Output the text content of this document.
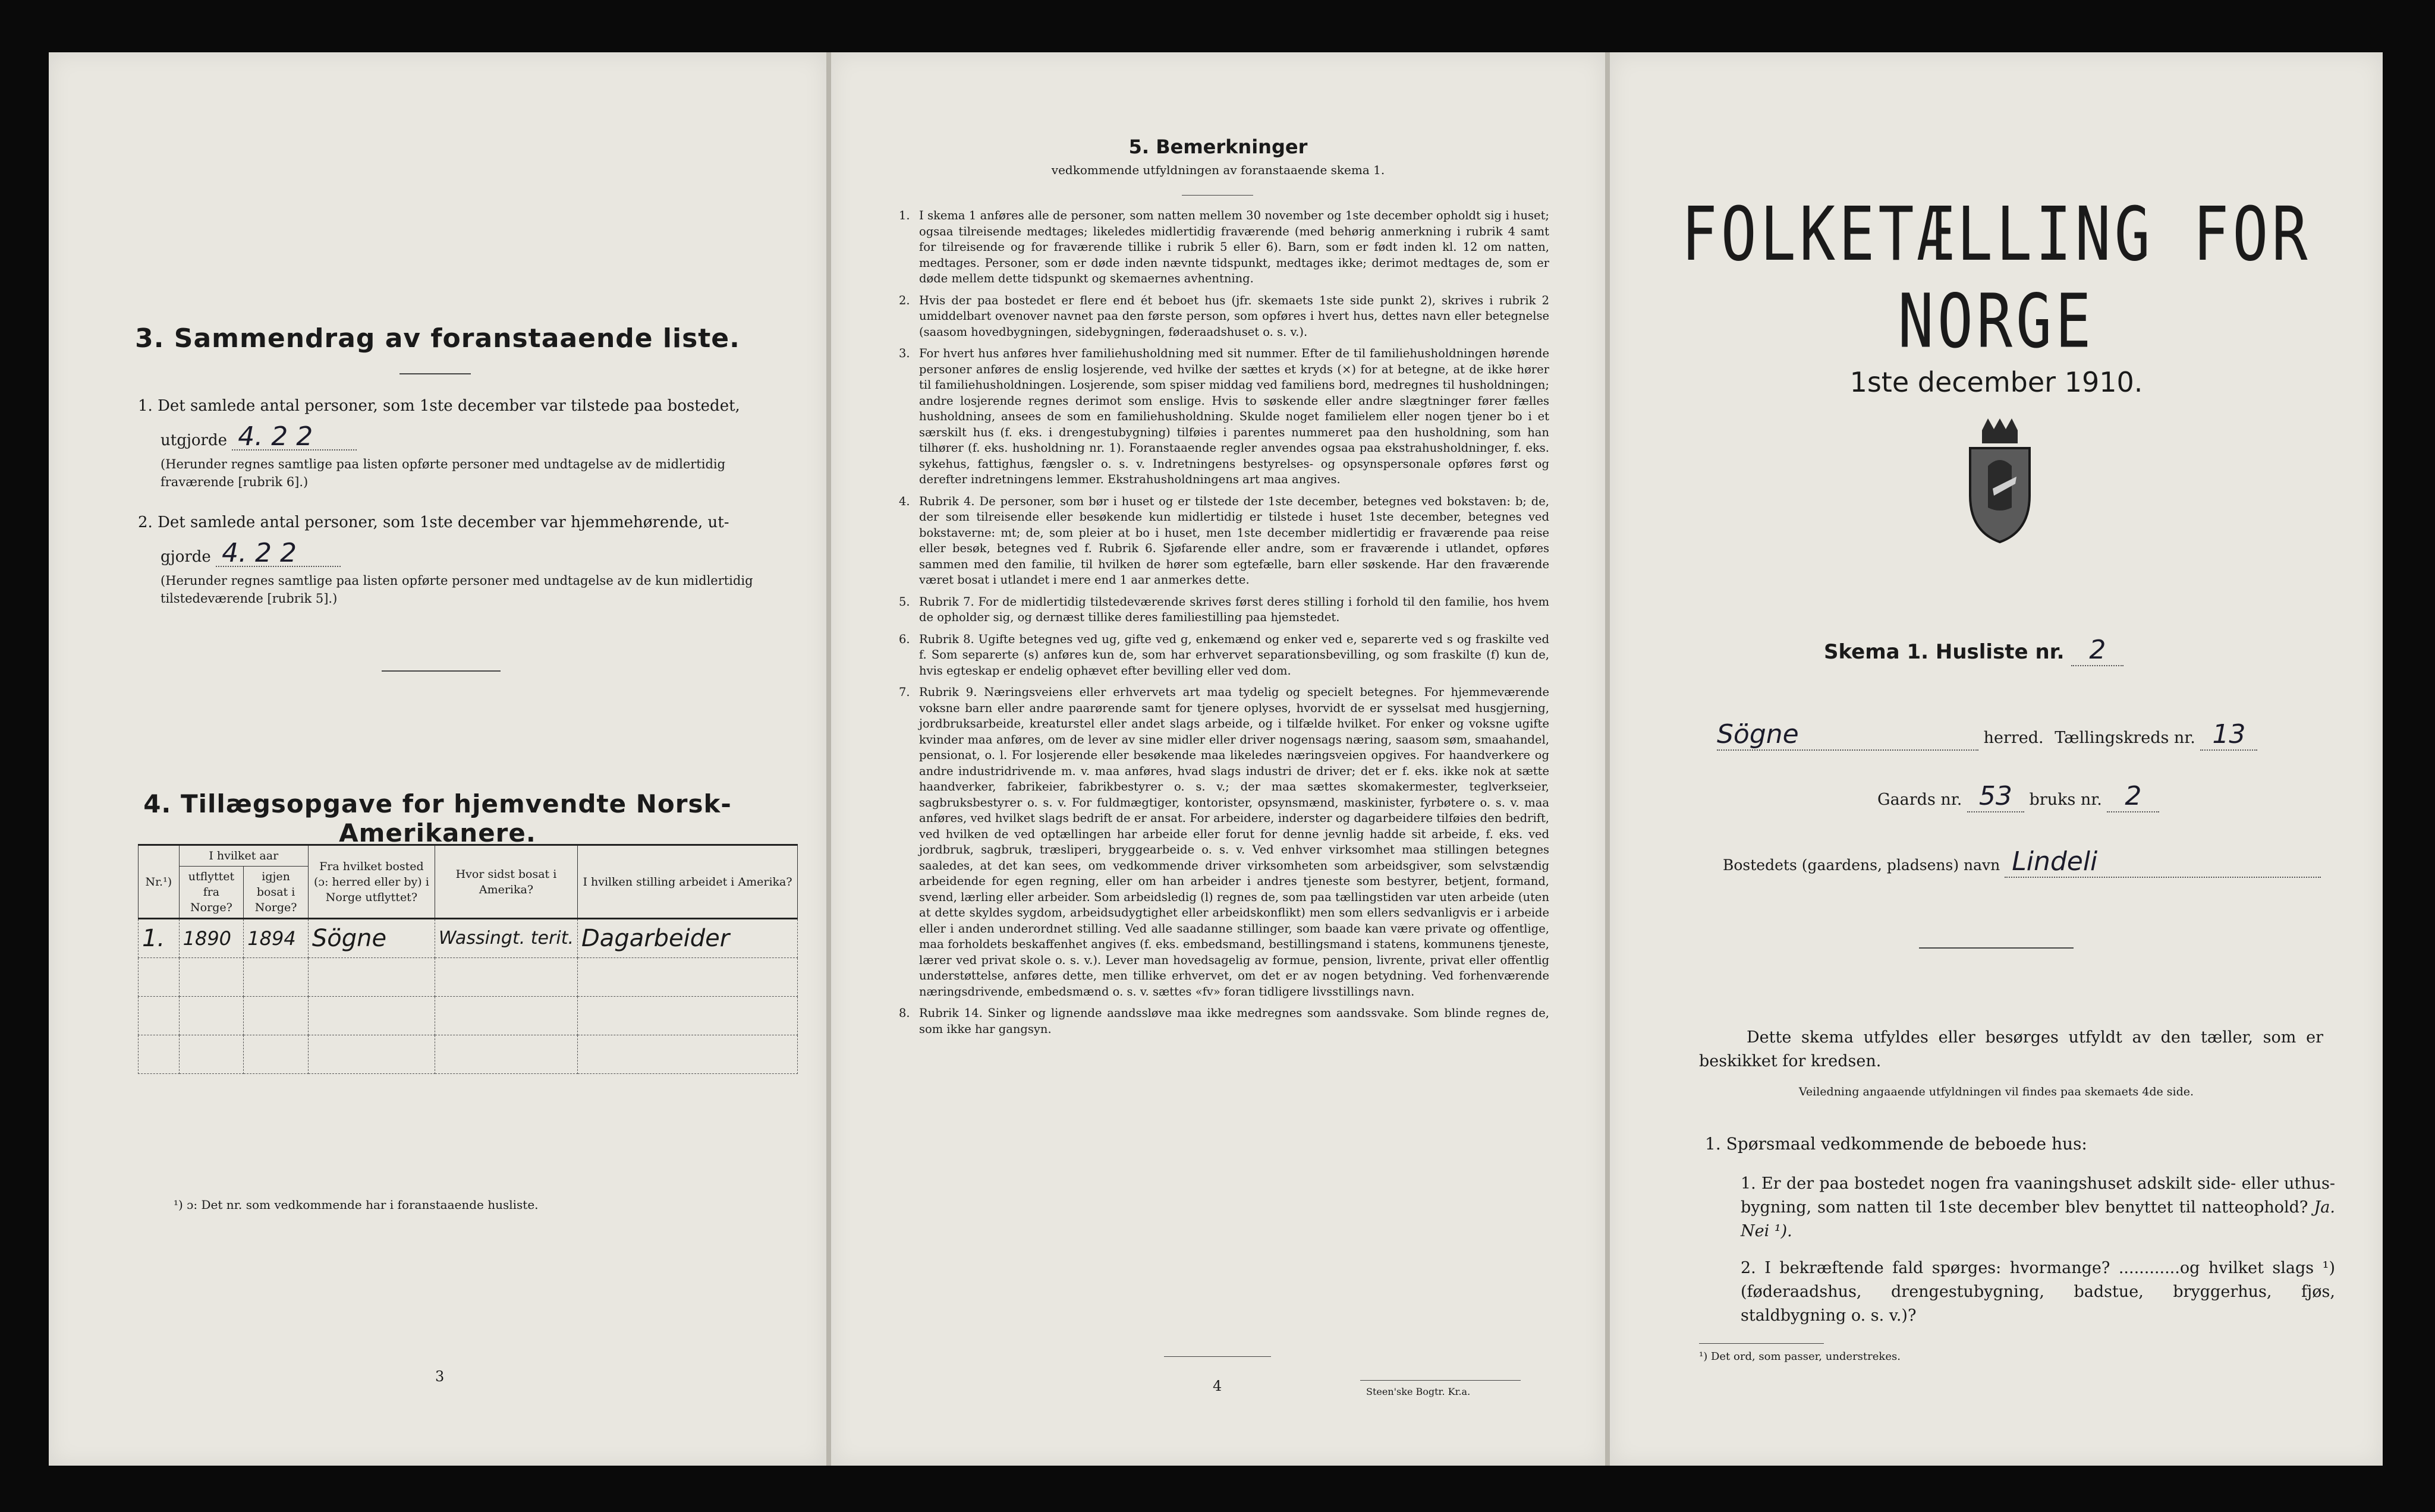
3. Sammendrag av foranstaaende liste.
1. Det samlede antal personer, som 1ste december var tilstede paa bostedet,
utgjorde 4. 2 2
(Herunder regnes samtlige paa listen opførte personer med undtagelse av de midlertidig fraværende [rubrik 6].)
2. Det samlede antal personer, som 1ste december var hjemmehørende, ut-
gjorde 4. 2 2
(Herunder regnes samtlige paa listen opførte personer med undtagelse av de kun midlertidig tilstedeværende [rubrik 5].)
4. Tillægsopgave for hjemvendte Norsk-Amerikanere.
Nr.¹)	I hvilket aar		Fra hvilket bosted (ɔ: herred eller by) i Norge utflyttet?	Hvor sidst bosat i Amerika?	I hvilken stilling arbeidet i Amerika?
	utflyttet fra Norge?	igjen bosat i Norge?			
1.	1890	1894	Sögne	Wassingt. terit.	Dagarbeider

¹) ɔ: Det nr. som vedkommende har i foranstaaende husliste.
3
5. Bemerkninger
vedkommende utfyldningen av foranstaaende skema 1.
1. I skema 1 anføres alle de personer, som natten mellem 30 november og 1ste december opholdt sig i huset; ogsaa tilreisende medtages; likeledes midlertidig fraværende (med behørig anmerkning i rubrik 4 samt for tilreisende og for fraværende tillike i rubrik 5 eller 6). Barn, som er født inden kl. 12 om natten, medtages. Personer, som er døde inden nævnte tidspunkt, medtages ikke; derimot medtages de, som er døde mellem dette tidspunkt og skemaernes avhentning.
2. Hvis der paa bostedet er flere end ét beboet hus (jfr. skemaets 1ste side punkt 2), skrives i rubrik 2 umiddelbart ovenover navnet paa den første person, som opføres i hvert hus, dettes navn eller betegnelse (saasom hovedbygningen, sidebygningen, føderaadshuset o. s. v.).
3. For hvert hus anføres hver familiehusholdning med sit nummer. Efter de til familiehusholdningen hørende personer anføres de enslig losjerende, ved hvilke der sættes et kryds (×) for at betegne, at de ikke hører til familiehusholdningen. Losjerende, som spiser middag ved familiens bord, medregnes til husholdningen; andre losjerende regnes derimot som enslige. Hvis to søskende eller andre slægtninger fører fælles husholdning, ansees de som en familiehusholdning. Skulde noget familielem eller nogen tjener bo i et særskilt hus (f. eks. i drengestubygning) tilføies i parentes nummeret paa den husholdning, som han tilhører (f. eks. husholdning nr. 1). Foranstaaende regler anvendes ogsaa paa ekstrahusholdninger, f. eks. sykehus, fattighus, fængsler o. s. v. Indretningens bestyrelses- og opsynspersonale opføres først og derefter indretningens lemmer. Ekstrahusholdningens art maa angives.
4. Rubrik 4. De personer, som bør i huset og er tilstede der 1ste december, betegnes ved bokstaven: b; de, der som tilreisende eller besøkende kun midlertidig er tilstede i huset 1ste december, betegnes ved bokstaverne: mt; de, som pleier at bo i huset, men 1ste december midlertidig er fraværende paa reise eller besøk, betegnes ved f. Rubrik 6. Sjøfarende eller andre, som er fraværende i utlandet, opføres sammen med den familie, til hvilken de hører som egtefælle, barn eller søskende. Har den fraværende været bosat i utlandet i mere end 1 aar anmerkes dette.
5. Rubrik 7. For de midlertidig tilstedeværende skrives først deres stilling i forhold til den familie, hos hvem de opholder sig, og dernæst tillike deres familiestilling paa hjemstedet.
6. Rubrik 8. Ugifte betegnes ved ug, gifte ved g, enkemænd og enker ved e, separerte ved s og fraskilte ved f. Som separerte (s) anføres kun de, som har erhvervet separationsbevilling, og som fraskilte (f) kun de, hvis egteskap er endelig ophævet efter bevilling eller ved dom.
7. Rubrik 9. Næringsveiens eller erhvervets art maa tydelig og specielt betegnes. For hjemmeværende voksne barn eller andre paarørende samt for tjenere oplyses, hvorvidt de er sysselsat med husgjerning, jordbruksarbeide, kreaturstel eller andet slags arbeide, og i tilfælde hvilket. For enker og voksne ugifte kvinder maa anføres, om de lever av sine midler eller driver nogensags næring, saasom søm, smaahandel, pensionat, o. l. For losjerende eller besøkende maa likeledes næringsveien opgives. For haandverkere og andre industridrivende m. v. maa anføres, hvad slags industri de driver; det er f. eks. ikke nok at sætte haandverker, fabrikeier, fabrikbestyrer o. s. v.; der maa sættes skomakermester, teglverkseier, sagbruksbestyrer o. s. v. For fuldmægtiger, kontorister, opsynsmænd, maskinister, fyrbøtere o. s. v. maa anføres, ved hvilket slags bedrift de er ansat. For arbeidere, inderster og dagarbeidere tilføies den bedrift, ved hvilken de ved optællingen har arbeide eller forut for denne jevnlig hadde sit arbeide, f. eks. ved jordbruk, sagbruk, træsliperi, bryggearbeide o. s. v. Ved enhver virksomhet maa stillingen betegnes saaledes, at det kan sees, om vedkommende driver virksomheten som arbeidsgiver, som selvstændig arbeidende for egen regning, eller om han arbeider i andres tjeneste som bestyrer, betjent, formand, svend, lærling eller arbeider. Som arbeidsledig (l) regnes de, som paa tællingstiden var uten arbeide (uten at dette skyldes sygdom, arbeidsudygtighet eller arbeidskonflikt) men som ellers sedvanligvis er i arbeide eller i anden underordnet stilling. Ved alle saadanne stillinger, som baade kan være private og offentlige, maa forholdets beskaffenhet angives (f. eks. embedsmand, bestillingsmand i statens, kommunens tjeneste, lærer ved privat skole o. s. v.). Lever man hovedsagelig av formue, pension, livrente, privat eller offentlig understøttelse, anføres dette, men tillike erhvervet, om det er av nogen betydning. Ved forhenværende næringsdrivende, embedsmænd o. s. v. sættes «fv» foran tidligere livsstillings navn.
8. Rubrik 14. Sinker og lignende aandssløve maa ikke medregnes som aandssvake. Som blinde regnes de, som ikke har gangsyn.
4	Steen'ske Bogtr. Kr.a.
FOLKETÆLLING FOR NORGE
1ste december 1910.
Skema 1. Husliste nr. 2
Sögne	herred. Tællingskreds nr. 13
Gaards nr. 53 bruks nr. 2
Bostedets (gaardens, pladsens) navn Lindeli
Dette skema utfyldes eller besørges utfyldt av den tæller, som er beskikket for kredsen.
Veiledning angaaende utfyldningen vil findes paa skemaets 4de side.
1. Spørsmaal vedkommende de beboede hus:
1. Er der paa bostedet nogen fra vaaningshuset adskilt side- eller uthus-bygning, som natten til 1ste december blev benyttet til natteophold? Ja. Nei ¹).
2. I bekræftende fald spørges: hvormange? ............og hvilket slags ¹) (føderaadshus, drengestubygning, badstue, bryggerhus, fjøs, staldbygning o. s. v.)?
¹) Det ord, som passer, understrekes.
